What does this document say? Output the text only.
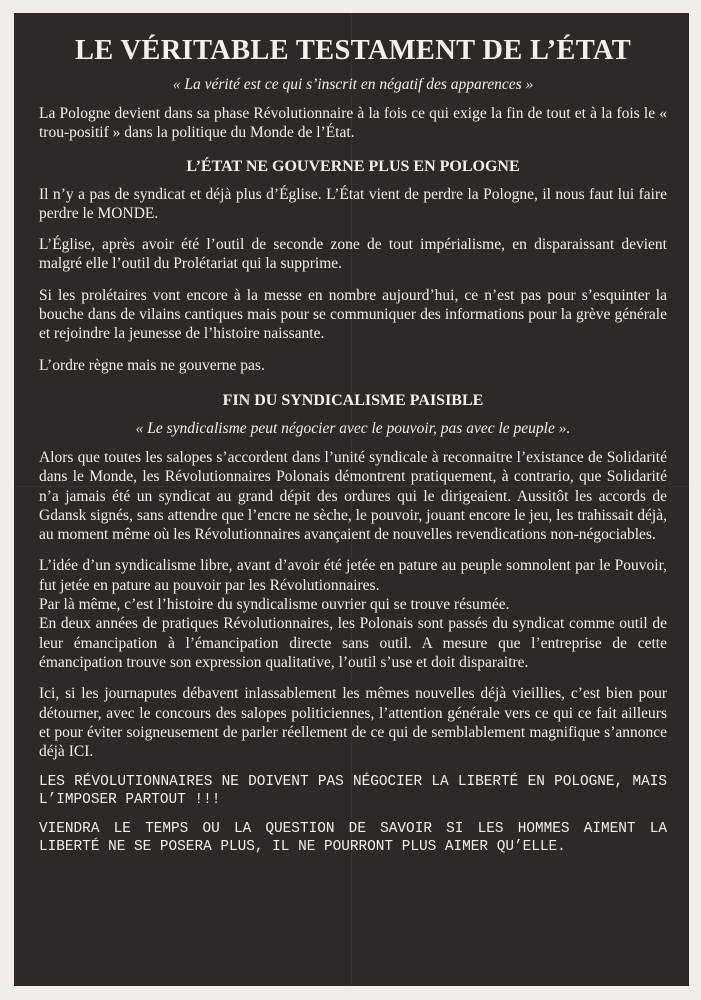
LE VÉRITABLE TESTAMENT DE L’ÉTAT

« La vérité est ce qui s’inscrit en négatif des apparences »

La Pologne devient dans sa phase Révolutionnaire à la fois ce qui exige la fin de tout et à la fois le « trou-positif » dans la politique du Monde de l’État.

L’ÉTAT NE GOUVERNE PLUS EN POLOGNE

Il n’y a pas de syndicat et déjà plus d’Église. L’État vient de perdre la Pologne, il nous faut lui faire perdre le MONDE.

L’Église, après avoir été l’outil de seconde zone de tout impérialisme, en disparaissant devient malgré elle l’outil du Prolétariat qui la supprime.

Si les prolétaires vont encore à la messe en nombre aujourd’hui, ce n’est pas pour s’esquinter la bouche dans de vilains cantiques mais pour se communiquer des informations pour la grève générale et rejoindre la jeunesse de l’histoire naissante.

L’ordre règne mais ne gouverne pas.

FIN DU SYNDICALISME PAISIBLE

« Le syndicalisme peut négocier avec le pouvoir, pas avec le peuple ».

Alors que toutes les salopes s’accordent dans l’unité syndicale à reconnaitre l’existance de Solidarité dans le Monde, les Révolutionnaires Polonais démontrent pratiquement, à contrario, que Solidarité n’a jamais été un syndicat au grand dépit des ordures qui le dirigeaient. Aussitôt les accords de Gdansk signés, sans attendre que l’encre ne sèche, le pouvoir, jouant encore le jeu, les trahissait déjà, au moment même où les Révolutionnaires avançaient de nouvelles revendications non-négociables.

L’idée d’un syndicalisme libre, avant d’avoir été jetée en pature au peuple somnolent par le Pouvoir, fut jetée en pature au pouvoir par les Révolutionnaires.

Par là même, c’est l’histoire du syndicalisme ouvrier qui se trouve résumée.

En deux années de pratiques Révolutionnaires, les Polonais sont passés du syndicat comme outil de leur émancipation à l’émancipation directe sans outil. A mesure que l’entreprise de cette émancipation trouve son expression qualitative, l’outil s’use et doit disparaitre.

Ici, si les journaputes débavent inlassablement les mêmes nouvelles déjà vieillies, c’est bien pour détourner, avec le concours des salopes politiciennes, l’attention générale vers ce qui ce fait ailleurs et pour éviter soigneusement de parler réellement de ce qui de semblablement magnifique s’annonce déjà ICI.

LES RÉVOLUTIONNAIRES NE DOIVENT PAS NÉGOCIER LA LIBERTÉ EN POLOGNE, MAIS L’IMPOSER PARTOUT !!!

VIENDRA LE TEMPS OU LA QUESTION DE SAVOIR SI LES HOMMES AIMENT LA LIBERTÉ NE SE POSERA PLUS, IL NE POURRONT PLUS AIMER QU’ELLE.
